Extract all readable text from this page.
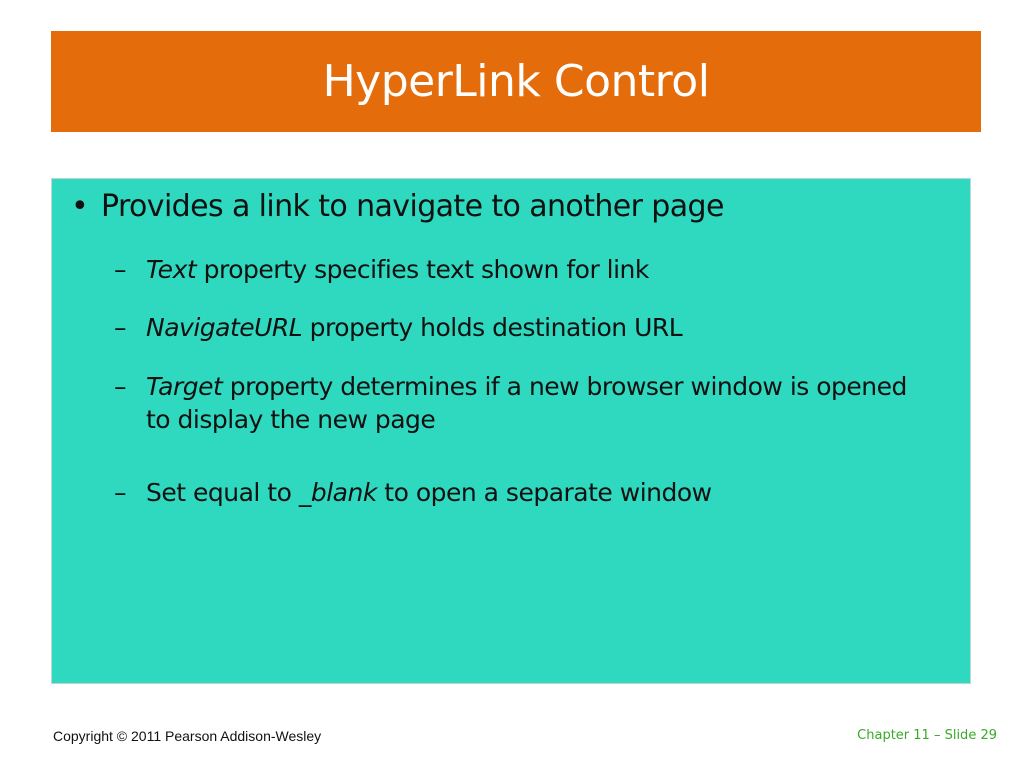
HyperLink Control
• Provides a link to navigate to another page
– Text property specifies text shown for link
– NavigateURL property holds destination URL
– Target property determines if a new browser window is opened to display the new page
– Set equal to _blank to open a separate window
Copyright © 2011 Pearson Addison-Wesley	Chapter 11 – Slide 29
